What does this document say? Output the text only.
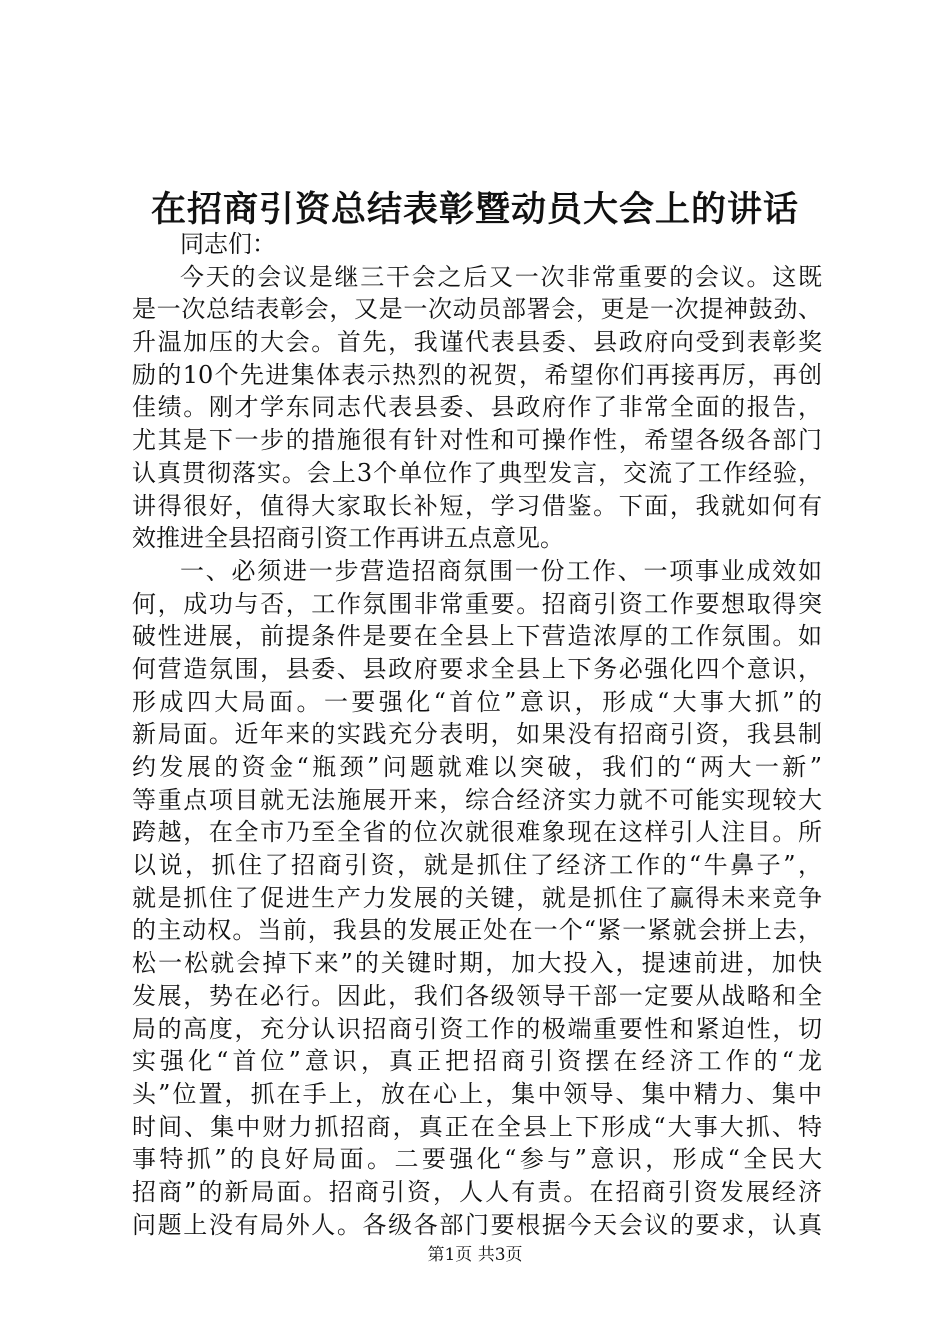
在招商引资总结表彰暨动员大会上的讲话
同志们：
今天的会议是继三干会之后又一次非常重要的会议。这既
是一次总结表彰会，又是一次动员部署会，更是一次提神鼓劲、
升温加压的大会。首先，我谨代表县委、县政府向受到表彰奖
励的10个先进集体表示热烈的祝贺，希望你们再接再厉，再创
佳绩。刚才学东同志代表县委、县政府作了非常全面的报告，
尤其是下一步的措施很有针对性和可操作性，希望各级各部门
认真贯彻落实。会上3个单位作了典型发言，交流了工作经验，
讲得很好，值得大家取长补短，学习借鉴。下面，我就如何有
效推进全县招商引资工作再讲五点意见。
一、必须进一步营造招商氛围一份工作、一项事业成效如
何，成功与否，工作氛围非常重要。招商引资工作要想取得突
破性进展，前提条件是要在全县上下营造浓厚的工作氛围。如
何营造氛围，县委、县政府要求全县上下务必强化四个意识，
形成四大局面。一要强化“首位”意识，形成“大事大抓”的
新局面。近年来的实践充分表明，如果没有招商引资，我县制
约发展的资金“瓶颈”问题就难以突破，我们的“两大一新”
等重点项目就无法施展开来，综合经济实力就不可能实现较大
跨越，在全市乃至全省的位次就很难象现在这样引人注目。所
以说，抓住了招商引资，就是抓住了经济工作的“牛鼻子”，
就是抓住了促进生产力发展的关键，就是抓住了赢得未来竞争
的主动权。当前，我县的发展正处在一个“紧一紧就会拼上去，
松一松就会掉下来”的关键时期，加大投入，提速前进，加快
发展，势在必行。因此，我们各级领导干部一定要从战略和全
局的高度，充分认识招商引资工作的极端重要性和紧迫性，切
实强化“首位”意识，真正把招商引资摆在经济工作的“龙
头”位置，抓在手上，放在心上，集中领导、集中精力、集中
时间、集中财力抓招商，真正在全县上下形成“大事大抓、特
事特抓”的良好局面。二要强化“参与”意识，形成“全民大
招商”的新局面。招商引资，人人有责。在招商引资发展经济
问题上没有局外人。各级各部门要根据今天会议的要求，认真
第1页 共3页
